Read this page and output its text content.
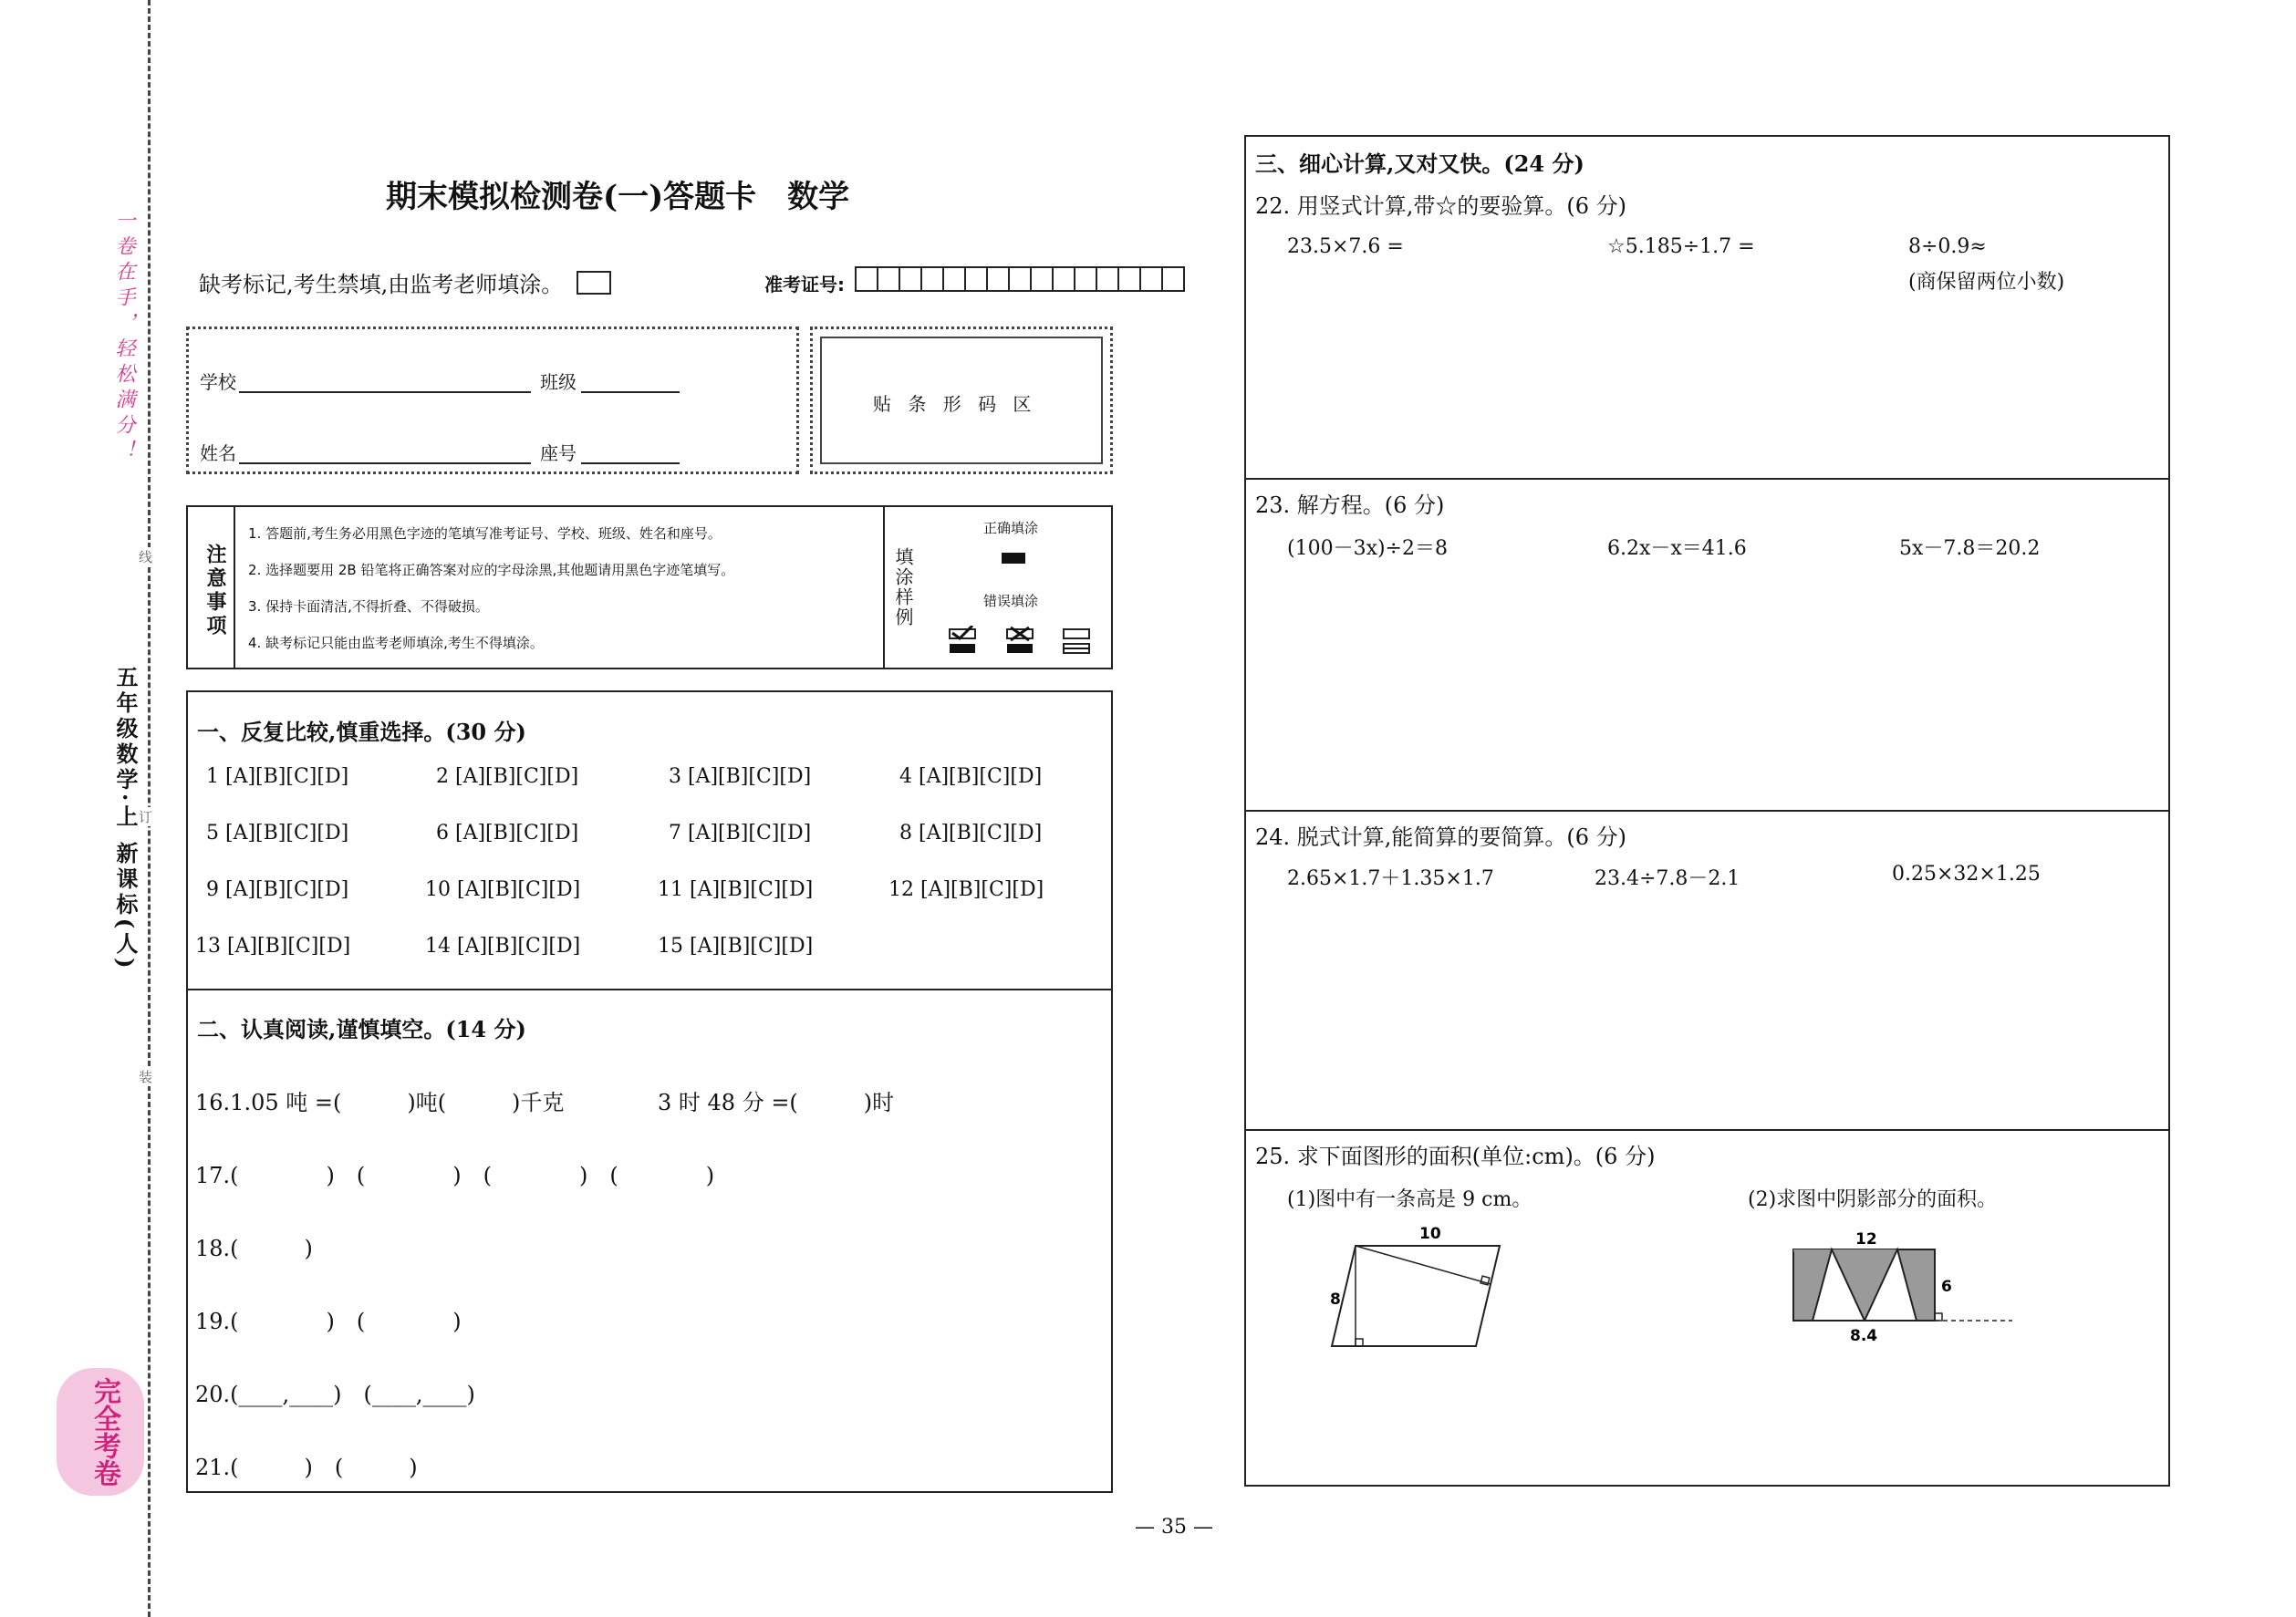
一卷在手，轻松满分！
五年级数学·上 新课标(人)
线
订
装
完全考卷
期末模拟检测卷(一)答题卡　数学
缺考标记,考生禁填,由监考老师填涂。	准考证号:
学校	班级
姓名	座号
贴 条 形 码 区
注意事项
1. 答题前,考生务必用黑色字迹的笔填写准考证号、学校、班级、姓名和座号。
2. 选择题要用 2B 铅笔将正确答案对应的字母涂黑,其他题请用黑色字迹笔填写。
3. 保持卡面清洁,不得折叠、不得破损。
4. 缺考标记只能由监考老师填涂,考生不得填涂。
填涂样例
正确填涂
错误填涂
一、反复比较,慎重选择。(30 分)
1 [A][B][C][D]	2 [A][B][C][D]	3 [A][B][C][D]	4 [A][B][C][D]
5 [A][B][C][D]	6 [A][B][C][D]	7 [A][B][C][D]	8 [A][B][C][D]
9 [A][B][C][D]	10 [A][B][C][D]	11 [A][B][C][D]	12 [A][B][C][D]
13 [A][B][C][D]	14 [A][B][C][D]	15 [A][B][C][D]
二、认真阅读,谨慎填空。(14 分)
16.1.05 吨 =(　　　)吨(　　　)千克	3 时 48 分 =(　　　)时
17.(　　　　)　(　　　　)　(　　　　)　(　　　　)
18.(　　　)
19.(　　　　)　(　　　　)
20.(____,____)　(____,____)
21.(　　　)　(　　　)
三、细心计算,又对又快。(24 分)
22. 用竖式计算,带☆的要验算。(6 分)
23.5×7.6 =	☆5.185÷1.7 =	8÷0.9≈
(商保留两位小数)
23. 解方程。(6 分)
(100－3x)÷2＝8	6.2x－x＝41.6	5x－7.8＝20.2
24. 脱式计算,能简算的要简算。(6 分)
2.65×1.7＋1.35×1.7	23.4÷7.8－2.1	0.25×32×1.25
25. 求下面图形的面积(单位:cm)。(6 分)
(1)图中有一条高是 9 cm。	(2)求图中阴影部分的面积。
10
8
12
6
8.4
— 35 —
